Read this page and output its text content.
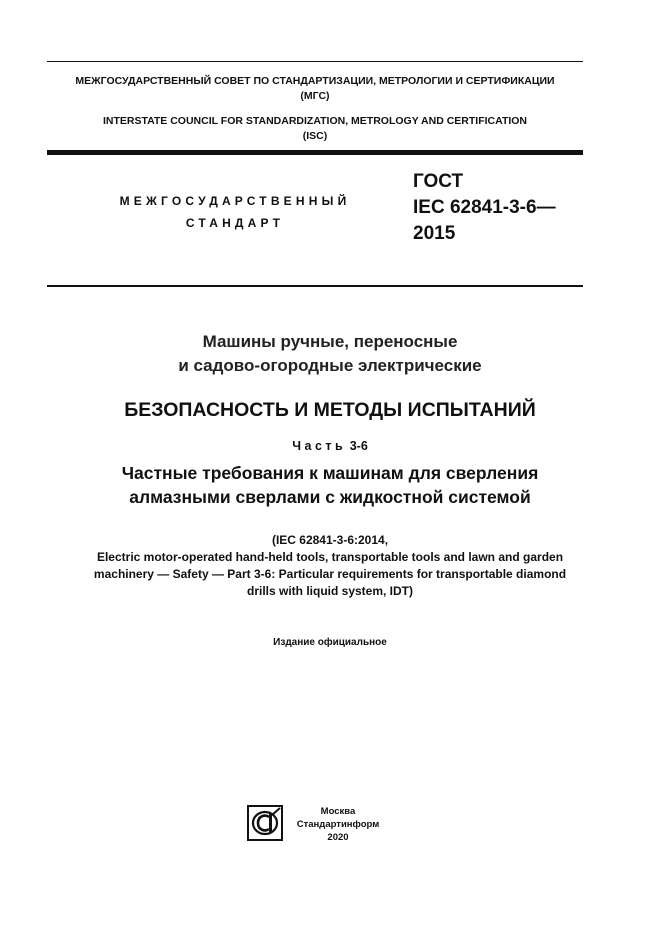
МЕЖГОСУДАРСТВЕННЫЙ СОВЕТ ПО СТАНДАРТИЗАЦИИ, МЕТРОЛОГИИ И СЕРТИФИКАЦИИ
(МГС)
INTERSTATE COUNCIL FOR STANDARDIZATION, METROLOGY AND CERTIFICATION
(ISC)
МЕЖГОСУДАРСТВЕННЫЙ
СТАНДАРТ
ГОСТ
IEC 62841-3-6—
2015
Машины ручные, переносные
и садово-огородные электрические
БЕЗОПАСНОСТЬ И МЕТОДЫ ИСПЫТАНИЙ
Часть 3-6
Частные требования к машинам для сверления
алмазными сверлами с жидкостной системой
(IEC 62841-3-6:2014,
Electric motor-operated hand-held tools, transportable tools and lawn and garden
machinery — Safety — Part 3-6: Particular requirements for transportable diamond
drills with liquid system, IDT)
Издание официальное
Москва
Стандартинформ
2020
